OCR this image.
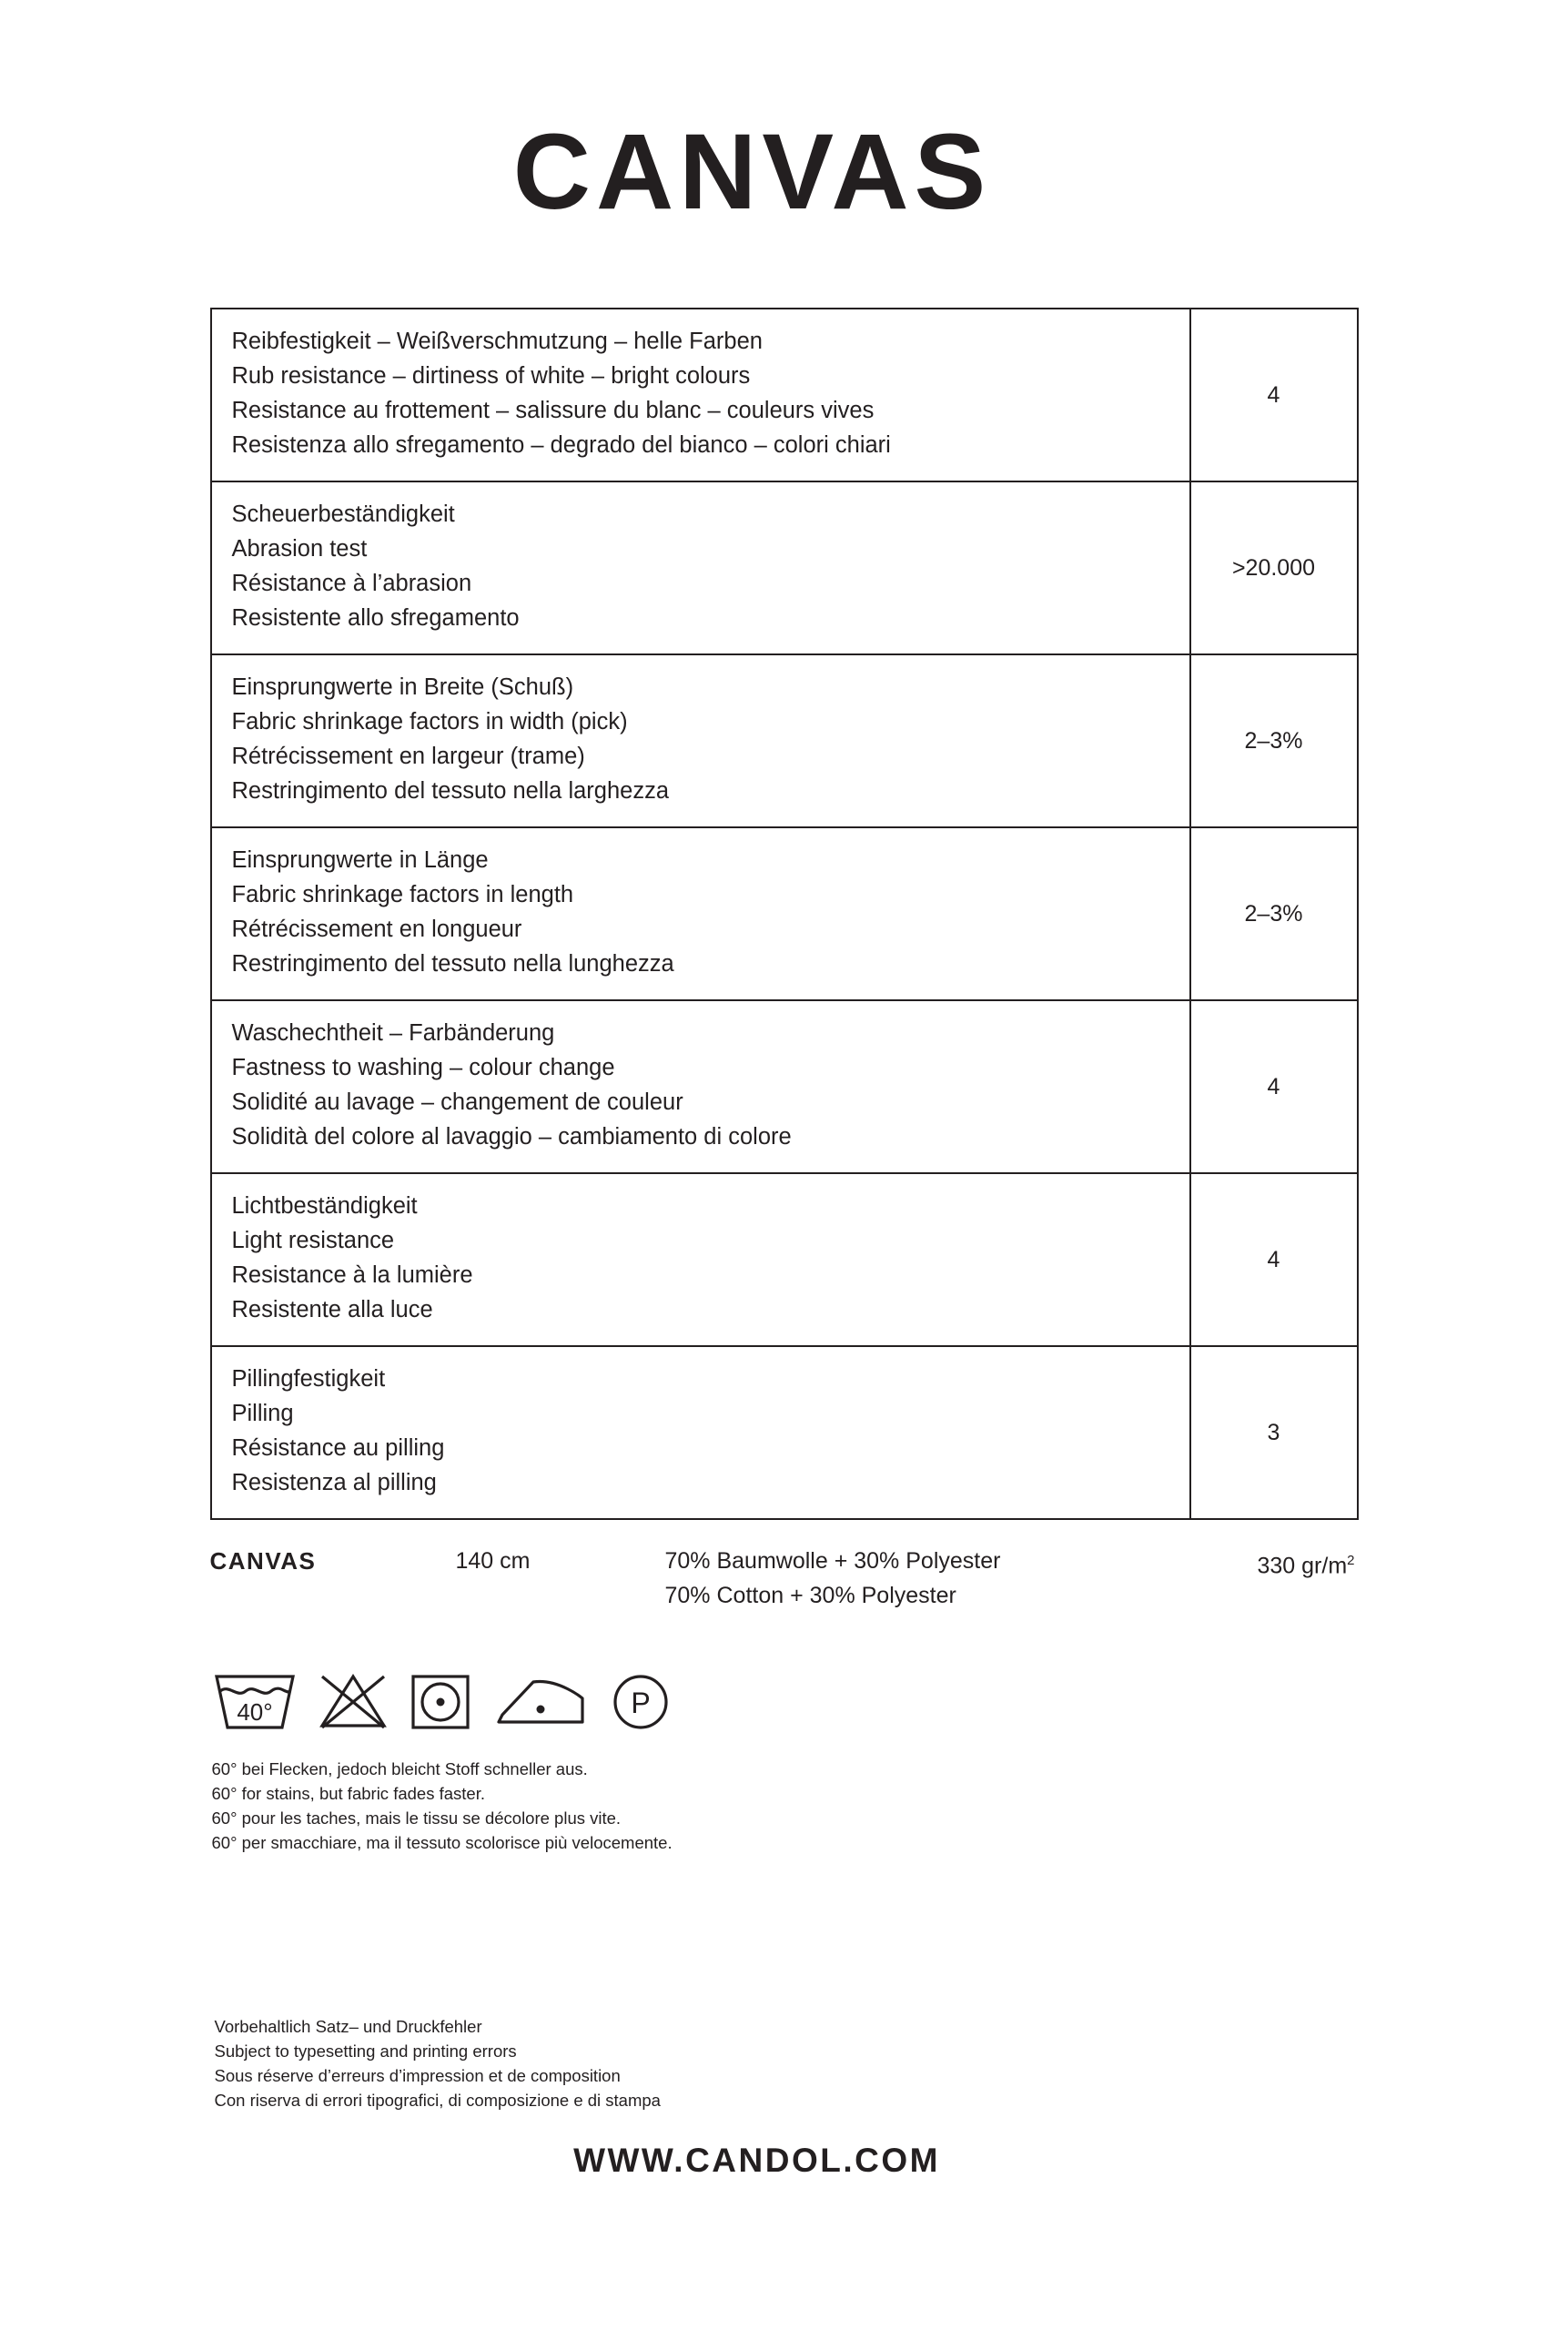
CANVAS
Reibfestigkeit – Weißverschmutzung – helle Farben
Rub resistance – dirtiness of white – bright colours
Resistance au frottement – salissure du blanc – couleurs vives
Resistenza allo sfregamento – degrado del bianco – colori chiari	4

Scheuerbeständigkeit
Abrasion test
Résistance à l’abrasion
Resistente allo sfregamento	>20.000

Einsprungwerte in Breite (Schuß)
Fabric shrinkage factors in width (pick)
Rétrécissement en largeur (trame)
Restringimento del tessuto nella larghezza	2–3%

Einsprungwerte in Länge
Fabric shrinkage factors in length
Rétrécissement en longueur
Restringimento del tessuto nella lunghezza	2–3%

Waschechtheit – Farbänderung
Fastness to washing – colour change
Solidité au lavage – changement de couleur
Solidità del colore al lavaggio – cambiamento di colore	4

Lichtbeständigkeit
Light resistance
Resistance à la lumière
Resistente alla luce	4

Pillingfestigkeit
Pilling
Résistance au pilling
Resistenza al pilling	3
CANVAS	140 cm	70% Baumwolle + 30% Polyester
70% Cotton + 30% Polyester
330 $gr/m^2$
40°	P
60° bei Flecken, jedoch bleicht Stoff schneller aus.
60° for stains, but fabric fades faster.
60° pour les taches, mais le tissu se décolore plus vite.
60° per smacchiare, ma il tessuto scolorisce più velocemente.
Vorbehaltlich Satz– und Druckfehler
Subject to typesetting and printing errors
Sous réserve d’erreurs d’impression et de composition
Con riserva di errori tipografici, di composizione e di stampa
WWW.CANDOL.COM
